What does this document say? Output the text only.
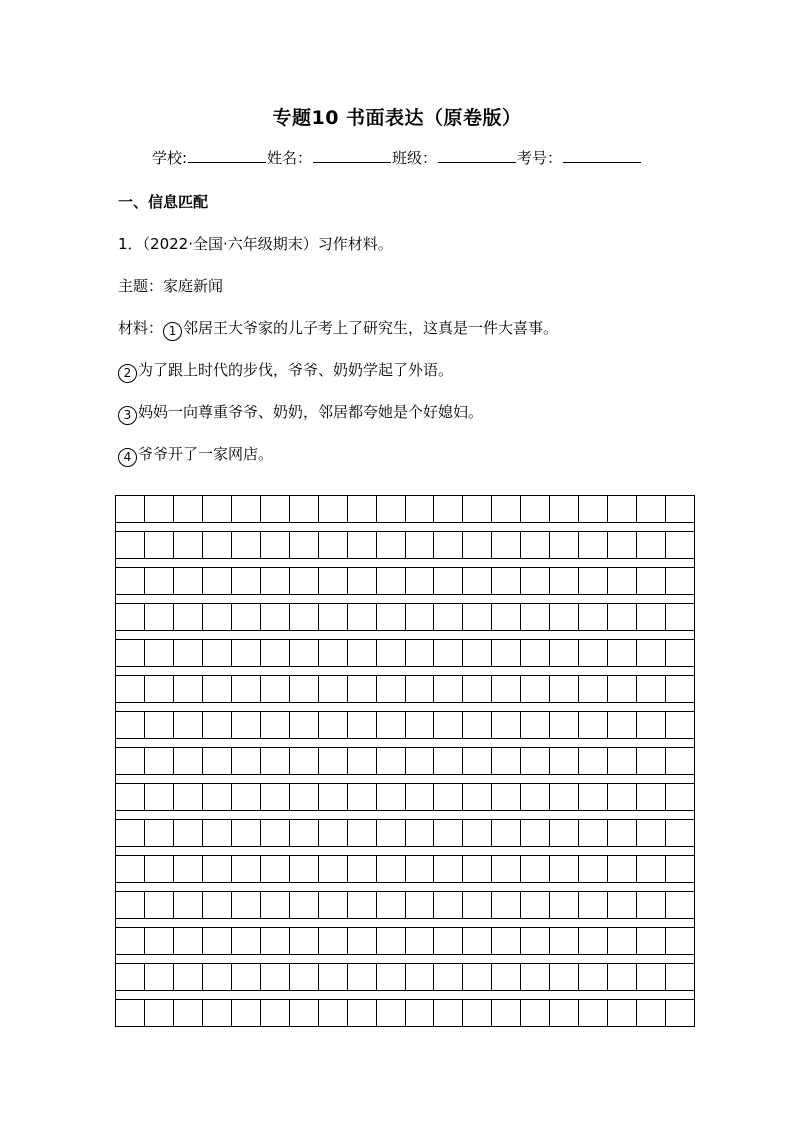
专题10 书面表达（原卷版）
学校:	姓名：	班级：	考号：
一、信息匹配
1．（2022·全国·六年级期末）习作材料。
主题：家庭新闻
材料： 1 邻居王大爷家的儿子考上了研究生，这真是一件大喜事。
2 为了跟上时代的步伐，爷爷、奶奶学起了外语。
3 妈妈一向尊重爷爷、奶奶，邻居都夸她是个好媳妇。
4 爷爷开了一家网店。
